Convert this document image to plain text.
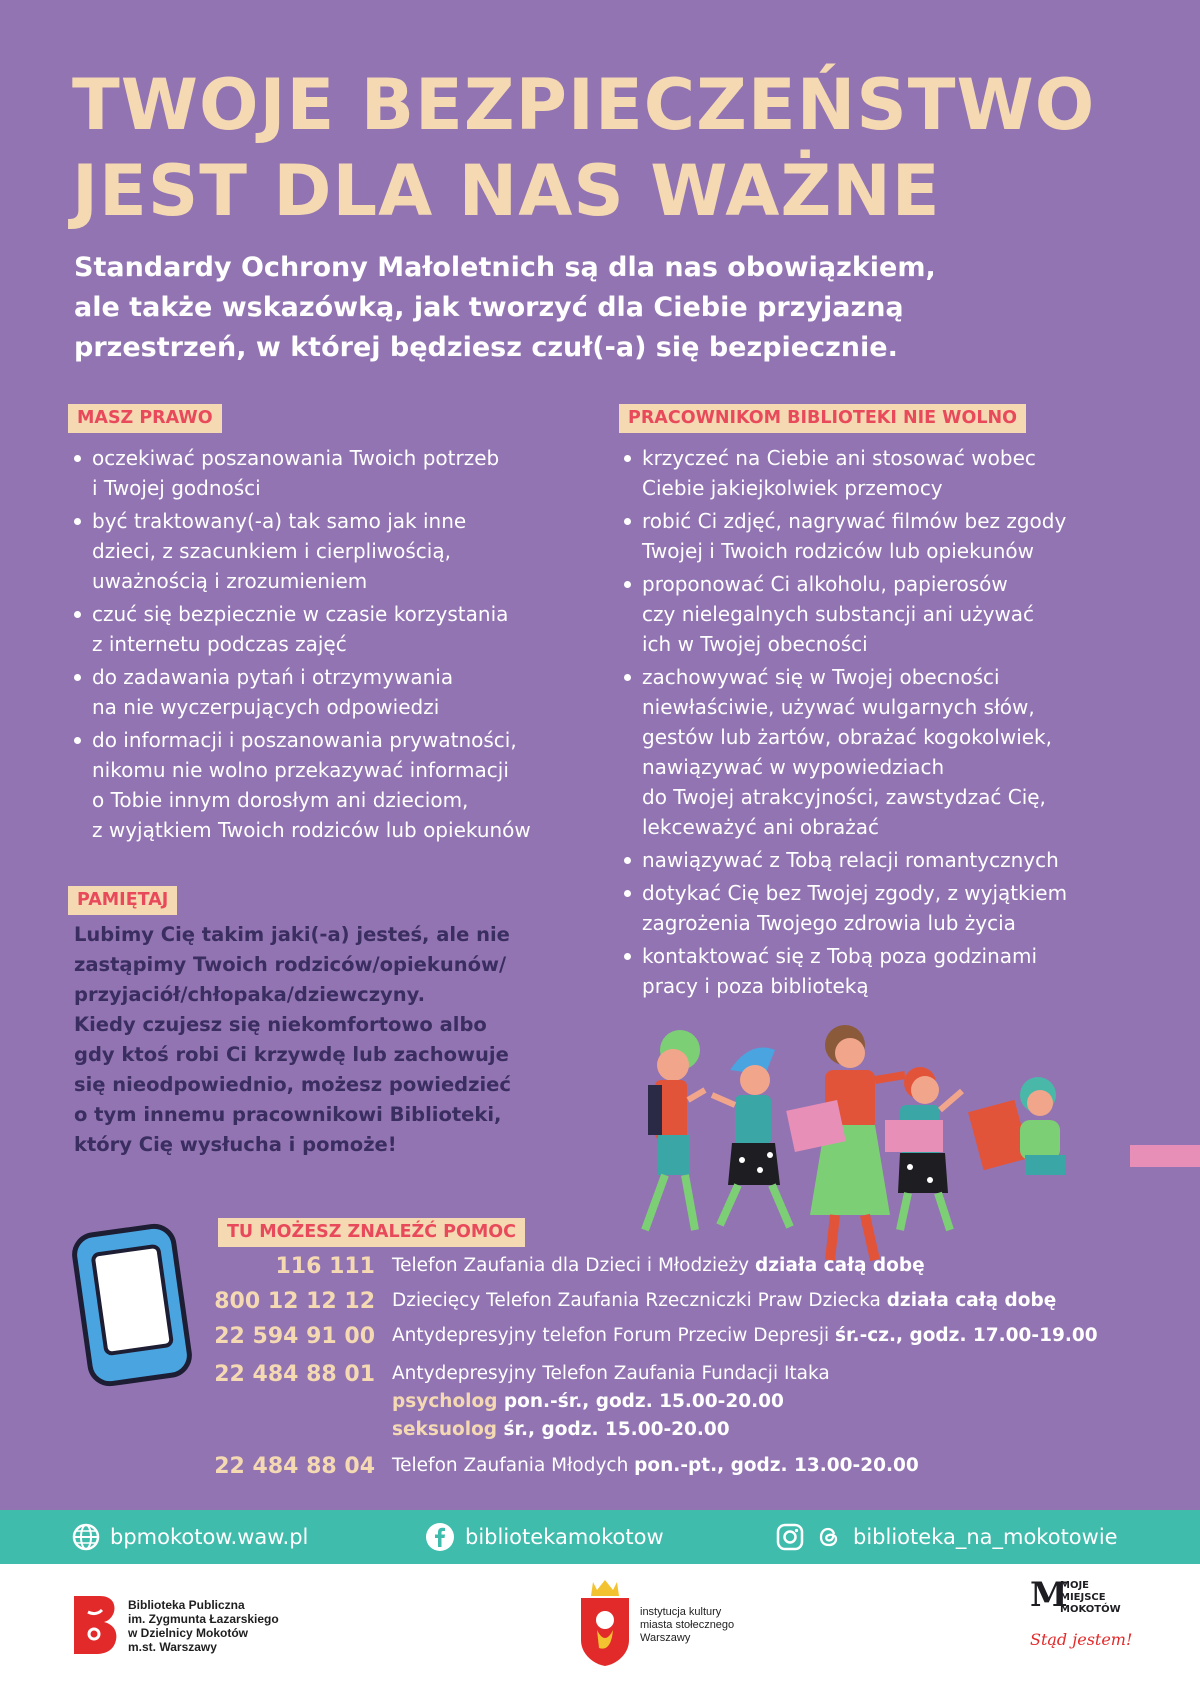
TWOJE BEZPIECZEŃSTWO
JEST DLA NAS WAŻNE
Standardy Ochrony Małoletnich są dla nas obowiązkiem,
ale także wskazówką, jak tworzyć dla Ciebie przyjazną
przestrzeń, w której będziesz czuł(-a) się bezpiecznie.
MASZ PRAWO
oczekiwać poszanowania Twoich potrzeb
i Twojej godności
być traktowany(-a) tak samo jak inne
dzieci, z szacunkiem i cierpliwością,
uważnością i zrozumieniem
czuć się bezpiecznie w czasie korzystania
z internetu podczas zajęć
do zadawania pytań i otrzymywania
na nie wyczerpujących odpowiedzi
do informacji i poszanowania prywatności,
nikomu nie wolno przekazywać informacji
o Tobie innym dorosłym ani dzieciom,
z wyjątkiem Twoich rodziców lub opiekunów
PRACOWNIKOM BIBLIOTEKI NIE WOLNO
krzyczeć na Ciebie ani stosować wobec
Ciebie jakiejkolwiek przemocy
robić Ci zdjęć, nagrywać filmów bez zgody
Twojej i Twoich rodziców lub opiekunów
proponować Ci alkoholu, papierosów
czy nielegalnych substancji ani używać
ich w Twojej obecności
zachowywać się w Twojej obecności
niewłaściwie, używać wulgarnych słów,
gestów lub żartów, obrażać kogokolwiek,
nawiązywać w wypowiedziach
do Twojej atrakcyjności, zawstydzać Cię,
lekceważyć ani obrażać
nawiązywać z Tobą relacji romantycznych
dotykać Cię bez Twojej zgody, z wyjątkiem
zagrożenia Twojego zdrowia lub życia
kontaktować się z Tobą poza godzinami
pracy i poza biblioteką
PAMIĘTAJ
Lubimy Cię takim jaki(-a) jesteś, ale nie
zastąpimy Twoich rodziców/opiekunów/
przyjaciół/chłopaka/dziewczyny.
Kiedy czujesz się niekomfortowo albo
gdy ktoś robi Ci krzywdę lub zachowuje
się nieodpowiednio, możesz powiedzieć
o tym innemu pracownikowi Biblioteki,
który Cię wysłucha i pomoże!
TU MOŻESZ ZNALEŹĆ POMOC
116 111 Telefon Zaufania dla Dzieci i Młodzieży działa całą dobę
800 12 12 12 Dziecięcy Telefon Zaufania Rzeczniczki Praw Dziecka działa całą dobę
22 594 91 00 Antydepresyjny telefon Forum Przeciw Depresji śr.-cz., godz. 17.00-19.00
22 484 88 01 Antydepresyjny Telefon Zaufania Fundacji Itaka
psycholog pon.-śr., godz. 15.00-20.00
seksuolog śr., godz. 15.00-20.00
22 484 88 04 Telefon Zaufania Młodych pon.-pt., godz. 13.00-20.00
bpmokotow.waw.pl	bibliotekamokotow	biblioteka_na_mokotowie
Biblioteka Publiczna
im. Zygmunta Łazarskiego
w Dzielnicy Mokotów
m.st. Warszawy
instytucja kultury
miasta stołecznego
Warszawy
M
MOJE
MIEJSCE
MOKOTÓW
Stąd jestem!
